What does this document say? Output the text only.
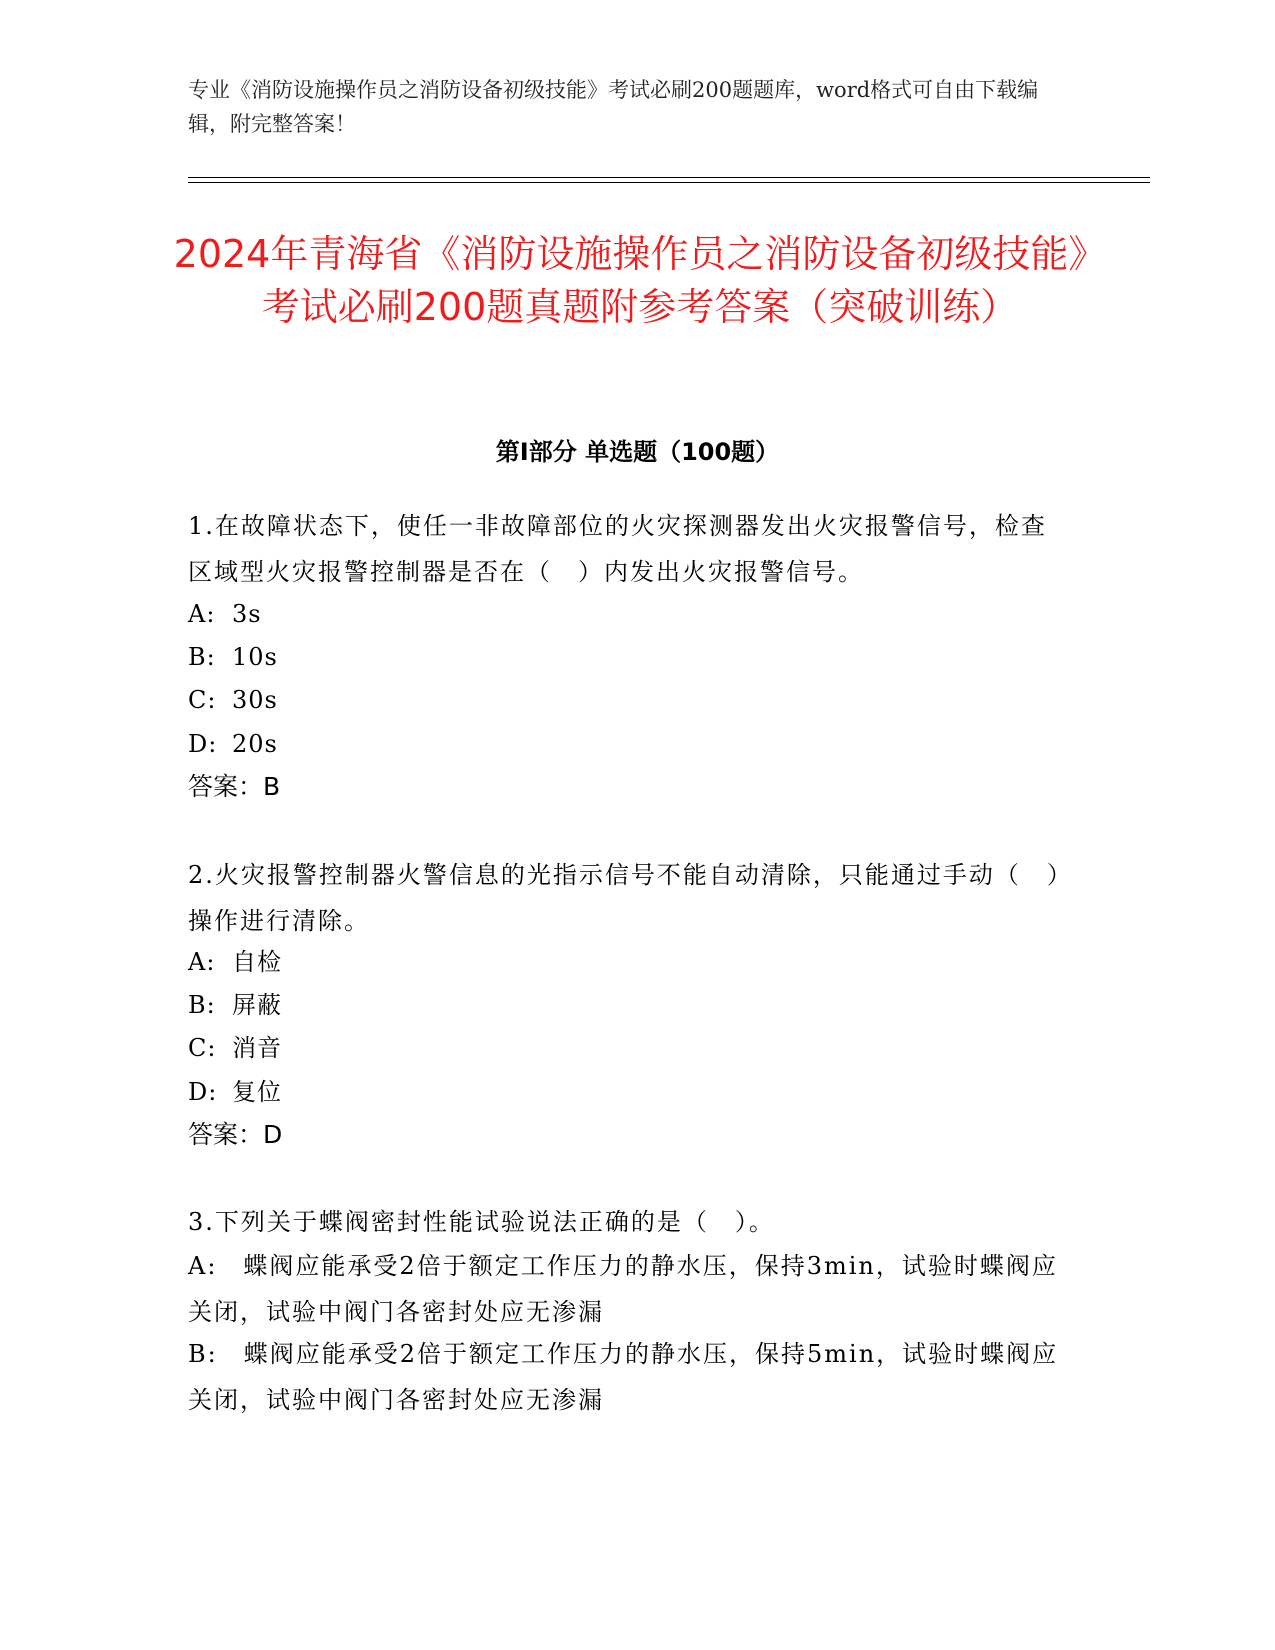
专业《消防设施操作员之消防设备初级技能》考试必刷200题题库，word格式可自由下载编辑，附完整答案！
2024年青海省《消防设施操作员之消防设备初级技能》考试必刷200题真题附参考答案（突破训练）
第I部分 单选题（100题）
1.在故障状态下，使任一非故障部位的火灾探测器发出火灾报警信号，检查区域型火灾报警控制器是否在（　）内发出火灾报警信号。
A: 3s
B: 10s
C: 30s
D: 20s
答案：B
2.火灾报警控制器火警信息的光指示信号不能自动清除，只能通过手动（　）操作进行清除。
A: 自检
B: 屏蔽
C: 消音
D: 复位
答案：D
3.下列关于蝶阀密封性能试验说法正确的是（　）。
A:　 蝶阀应能承受2倍于额定工作压力的静水压，保持3min，试验时蝶阀应关闭，试验中阀门各密封处应无渗漏
B:　 蝶阀应能承受2倍于额定工作压力的静水压，保持5min，试验时蝶阀应关闭，试验中阀门各密封处应无渗漏
